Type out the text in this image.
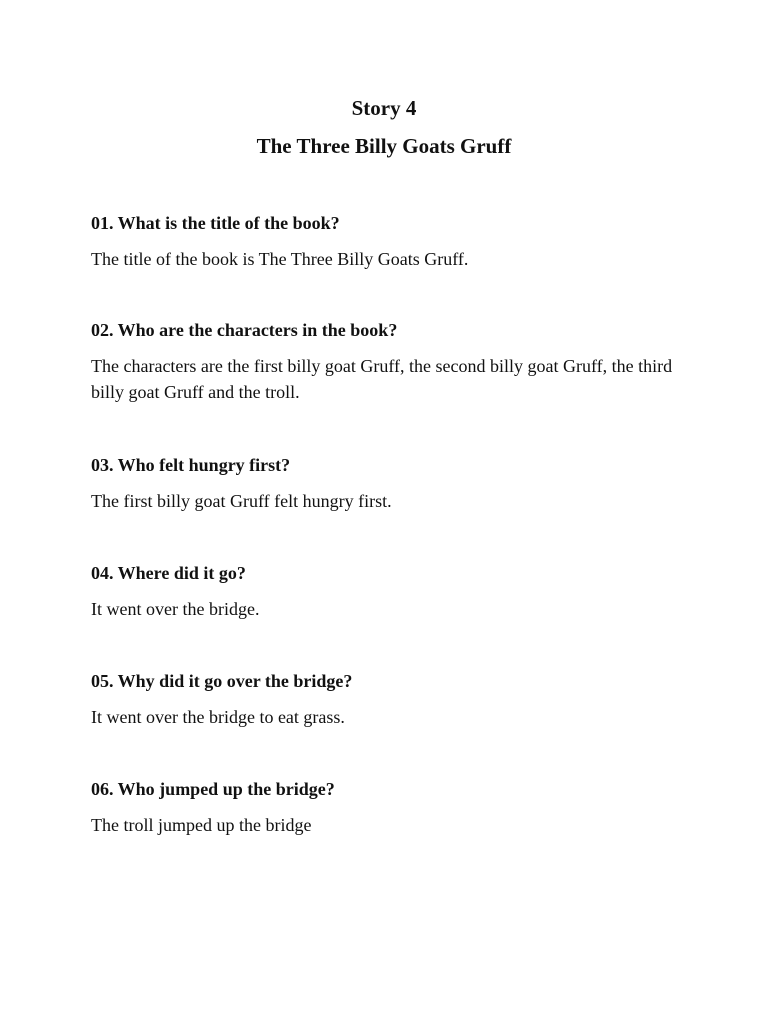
Story 4
The Three Billy Goats Gruff

01. What is the title of the book?

The title of the book is The Three Billy Goats Gruff.

02. Who are the characters in the book?

The characters are the first billy goat Gruff, the second billy goat Gruff, the third billy goat Gruff and the troll.

03. Who felt hungry first?

The first billy goat Gruff felt hungry first.

04. Where did it go?

It went over the bridge.

05. Why did it go over the bridge?

It went over the bridge to eat grass.

06. Who jumped up the bridge?

The troll jumped up the bridge
